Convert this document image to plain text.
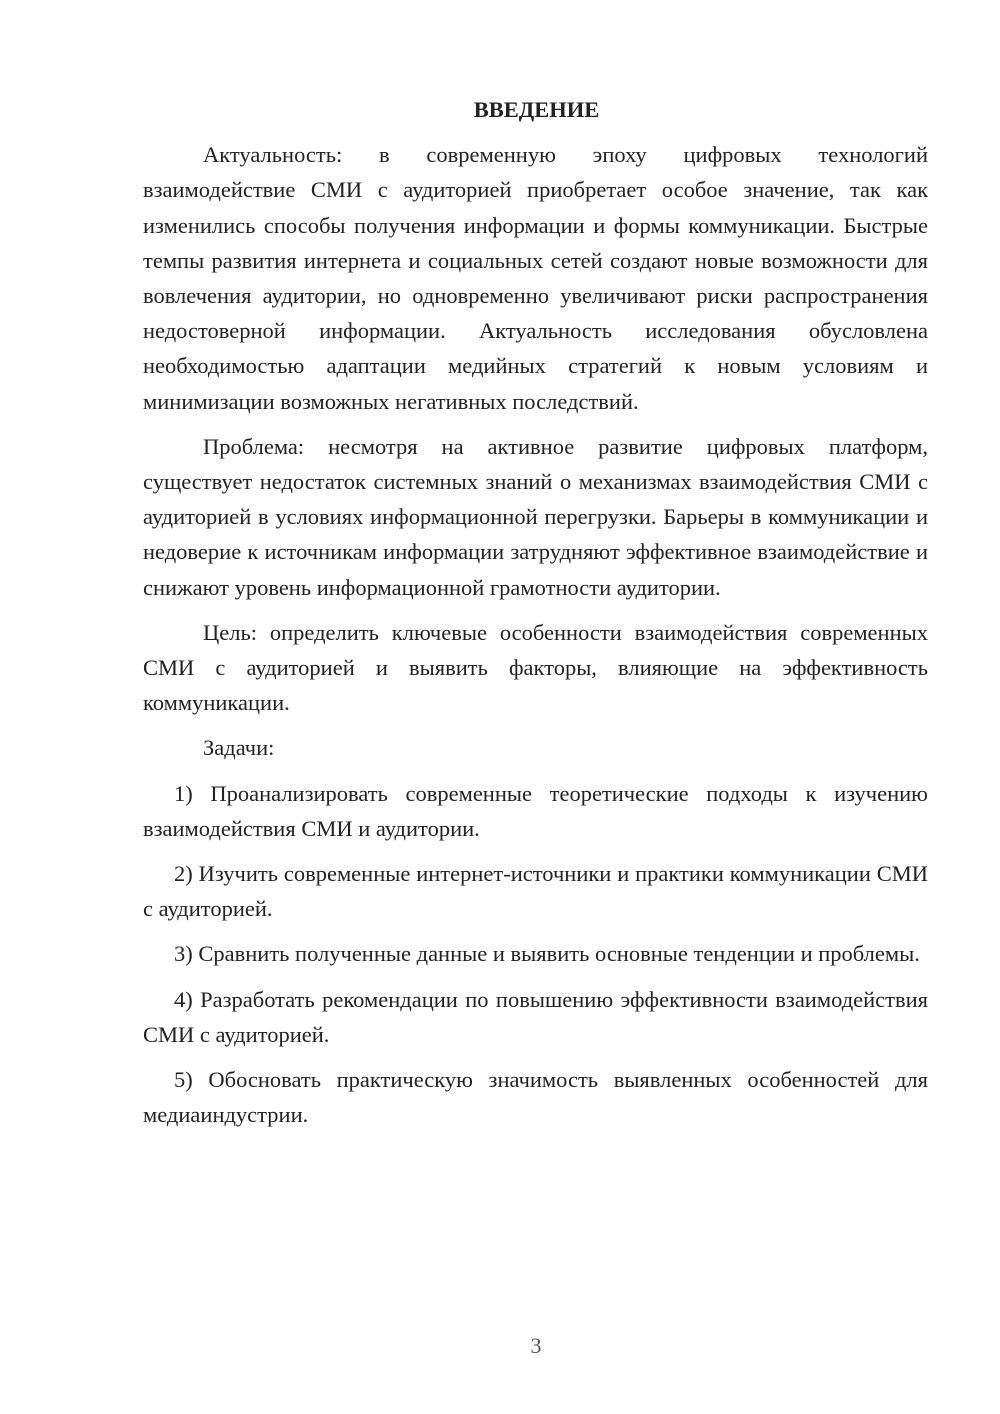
ВВЕДЕНИЕ

Актуальность: в современную эпоху цифровых технологий взаимодействие СМИ с аудиторией приобретает особое значение, так как изменились способы получения информации и формы коммуникации. Быстрые темпы развития интернета и социальных сетей создают новые возможности для вовлечения аудитории, но одновременно увеличивают риски распространения недостоверной информации. Актуальность исследования обусловлена необходимостью адаптации медийных стратегий к новым условиям и минимизации возможных негативных последствий.

Проблема: несмотря на активное развитие цифровых платформ, существует недостаток системных знаний о механизмах взаимодействия СМИ с аудиторией в условиях информационной перегрузки. Барьеры в коммуникации и недоверие к источникам информации затрудняют эффективное взаимодействие и снижают уровень информационной грамотности аудитории.

Цель: определить ключевые особенности взаимодействия современных СМИ с аудиторией и выявить факторы, влияющие на эффективность коммуникации.

Задачи:

1) Проанализировать современные теоретические подходы к изучению взаимодействия СМИ и аудитории.

2) Изучить современные интернет-источники и практики коммуникации СМИ с аудиторией.

3) Сравнить полученные данные и выявить основные тенденции и проблемы.

4) Разработать рекомендации по повышению эффективности взаимодействия СМИ с аудиторией.

5) Обосновать практическую значимость выявленных особенностей для медиаиндустрии.

3
